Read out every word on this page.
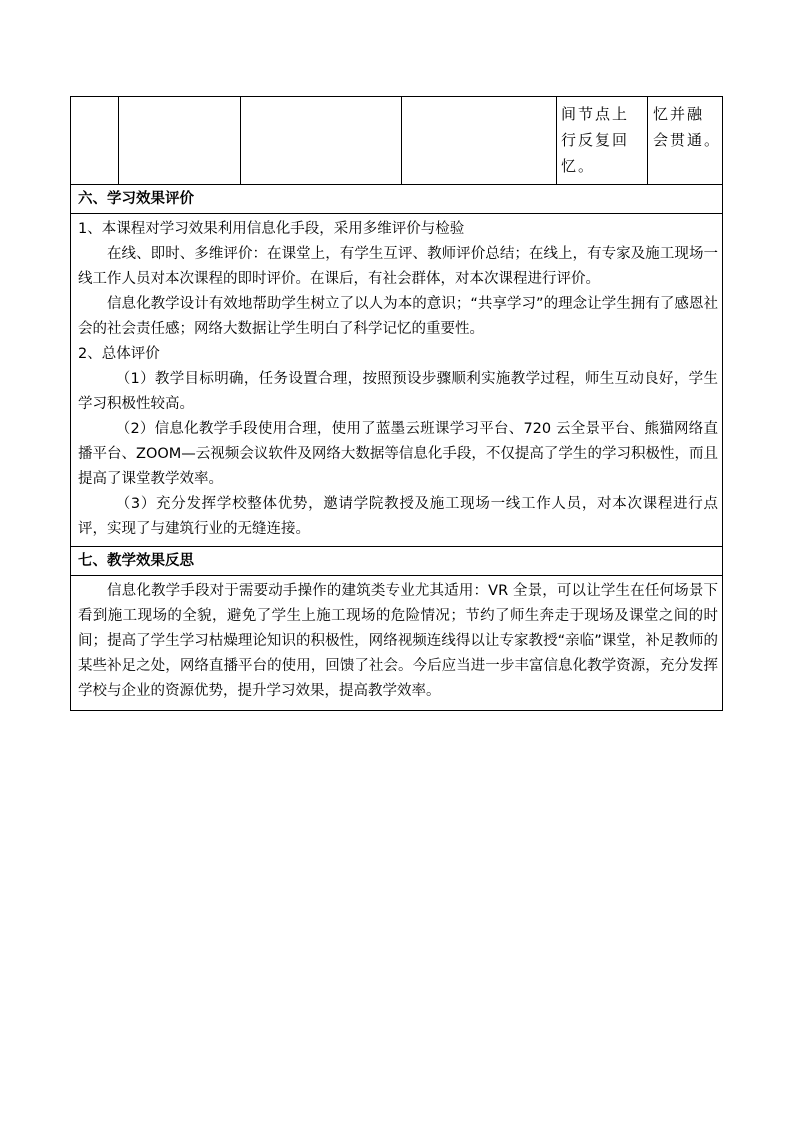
间节点上
行反复回
忆。
忆并融
会贯通。
六、学习效果评价

1、本课程对学习效果利用信息化手段，采用多维评价与检验

在线、即时、多维评价：在课堂上，有学生互评、教师评价总结；在线上，有专家及施工现场一线工作人员对本次课程的即时评价。在课后，有社会群体，对本次课程进行评价。

信息化教学设计有效地帮助学生树立了以人为本的意识；“共享学习”的理念让学生拥有了感恩社会的社会责任感；网络大数据让学生明白了科学记忆的重要性。

2、总体评价

（1）教学目标明确，任务设置合理，按照预设步骤顺利实施教学过程，师生互动良好，学生学习积极性较高。

（2）信息化教学手段使用合理，使用了蓝墨云班课学习平台、720 云全景平台、熊猫网络直播平台、ZOOM—云视频会议软件及网络大数据等信息化手段，不仅提高了学生的学习积极性，而且提高了课堂教学效率。

（3）充分发挥学校整体优势，邀请学院教授及施工现场一线工作人员，对本次课程进行点评，实现了与建筑行业的无缝连接。

七、教学效果反思

信息化教学手段对于需要动手操作的建筑类专业尤其适用：VR 全景，可以让学生在任何场景下看到施工现场的全貌，避免了学生上施工现场的危险情况；节约了师生奔走于现场及课堂之间的时间；提高了学生学习枯燥理论知识的积极性，网络视频连线得以让专家教授“亲临”课堂，补足教师的某些补足之处，网络直播平台的使用，回馈了社会。今后应当进一步丰富信息化教学资源，充分发挥学校与企业的资源优势，提升学习效果，提高教学效率。
